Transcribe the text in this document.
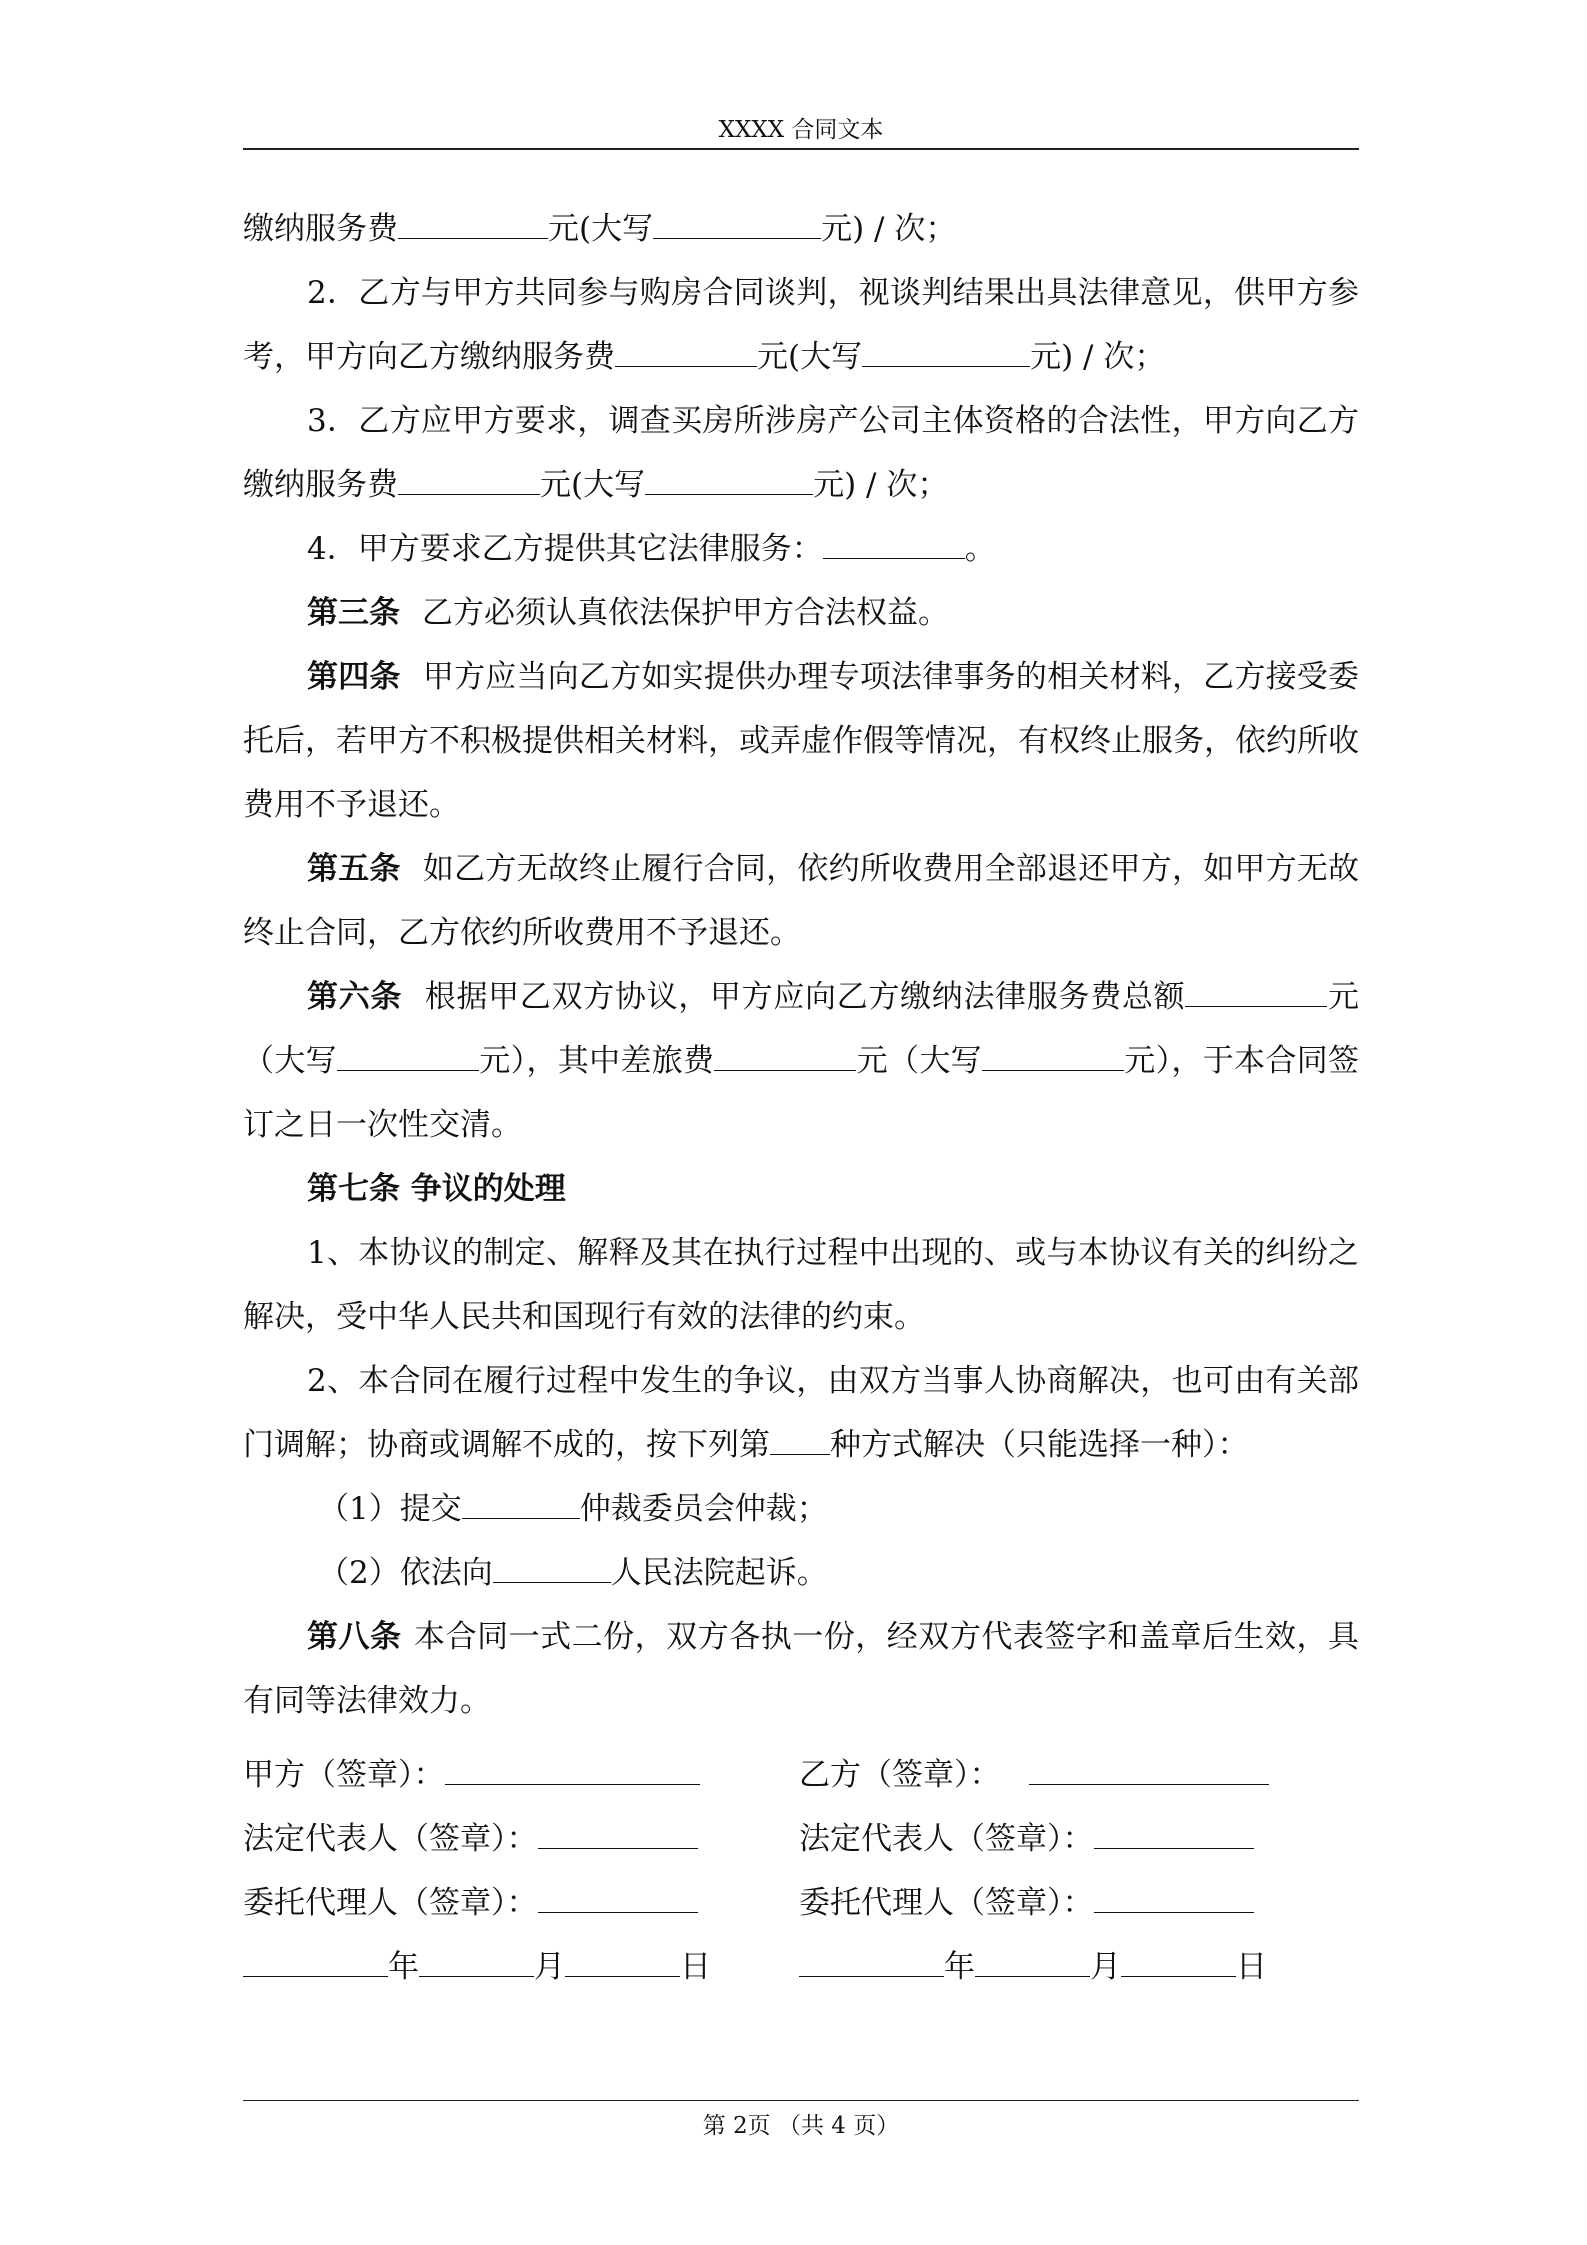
XXXX 合同文本

缴纳服务费	元(大写	元) / 次；

2．乙方与甲方共同参与购房合同谈判，视谈判结果出具法律意见，供甲方参考，甲方向乙方缴纳服务费	元(大写	元) / 次；

3．乙方应甲方要求，调查买房所涉房产公司主体资格的合法性，甲方向乙方缴纳服务费	元(大写	元) / 次；

4．甲方要求乙方提供其它法律服务：	。

第三条 乙方必须认真依法保护甲方合法权益。

第四条 甲方应当向乙方如实提供办理专项法律事务的相关材料，乙方接受委托后，若甲方不积极提供相关材料，或弄虚作假等情况，有权终止服务，依约所收费用不予退还。

第五条 如乙方无故终止履行合同，依约所收费用全部退还甲方，如甲方无故终止合同，乙方依约所收费用不予退还。

第六条 根据甲乙双方协议，甲方应向乙方缴纳法律服务费总额	元（大写	元），其中差旅费	元（大写	元），于本合同签订之日一次性交清。

第七条 争议的处理

1、本协议的制定、解释及其在执行过程中出现的、或与本协议有关的纠纷之解决，受中华人民共和国现行有效的法律的约束。

2、本合同在履行过程中发生的争议，由双方当事人协商解决，也可由有关部门调解；协商或调解不成的，按下列第 种方式解决（只能选择一种）：

（1）提交	仲裁委员会仲裁；

（2）依法向	人民法院起诉。

第八条 本合同一式二份，双方各执一份，经双方代表签字和盖章后生效，具有同等法律效力。

甲方（签章）：	乙方（签章）：
法定代表人（签章）：	法定代表人（签章）：
委托代理人（签章）：	委托代理人（签章）：
年	月	日	年	月	日
第 2页 （共 4 页）
